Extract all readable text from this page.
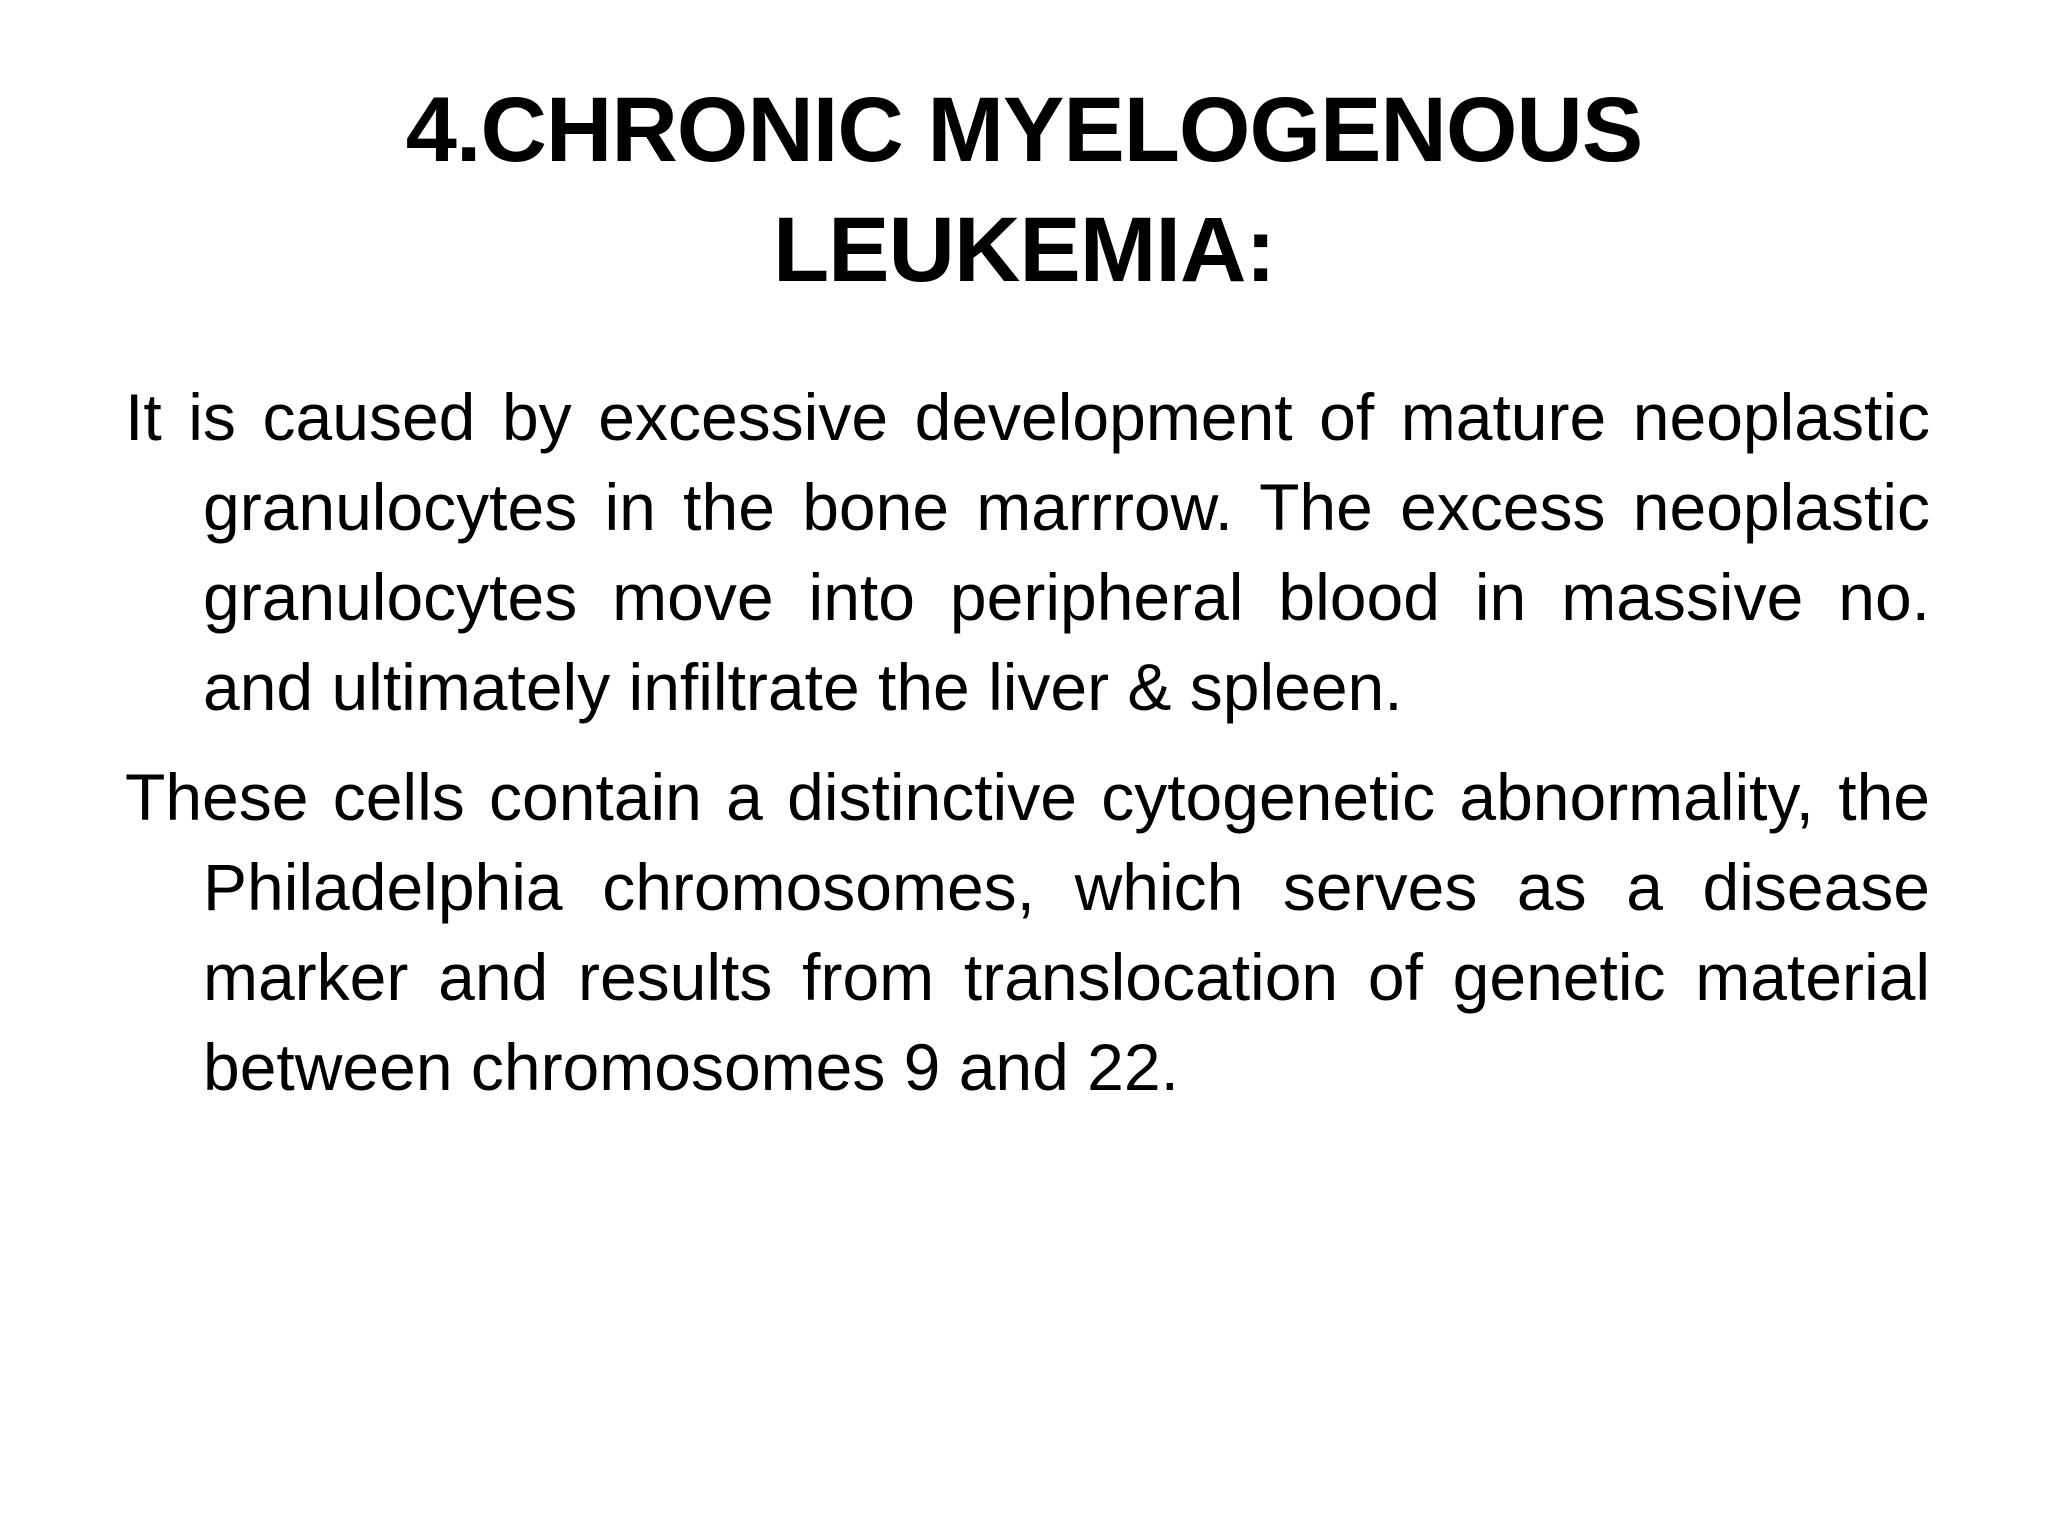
4.CHRONIC MYELOGENOUS
LEUKEMIA:

It is caused by excessive development of mature neoplastic granulocytes in the bone marrrow. The excess neoplastic granulocytes move into peripheral blood in massive no. and ultimately infiltrate the liver & spleen.

These cells contain a distinctive cytogenetic abnormality, the Philadelphia chromosomes, which serves as a disease marker and results from translocation of genetic material between chromosomes 9 and 22.
